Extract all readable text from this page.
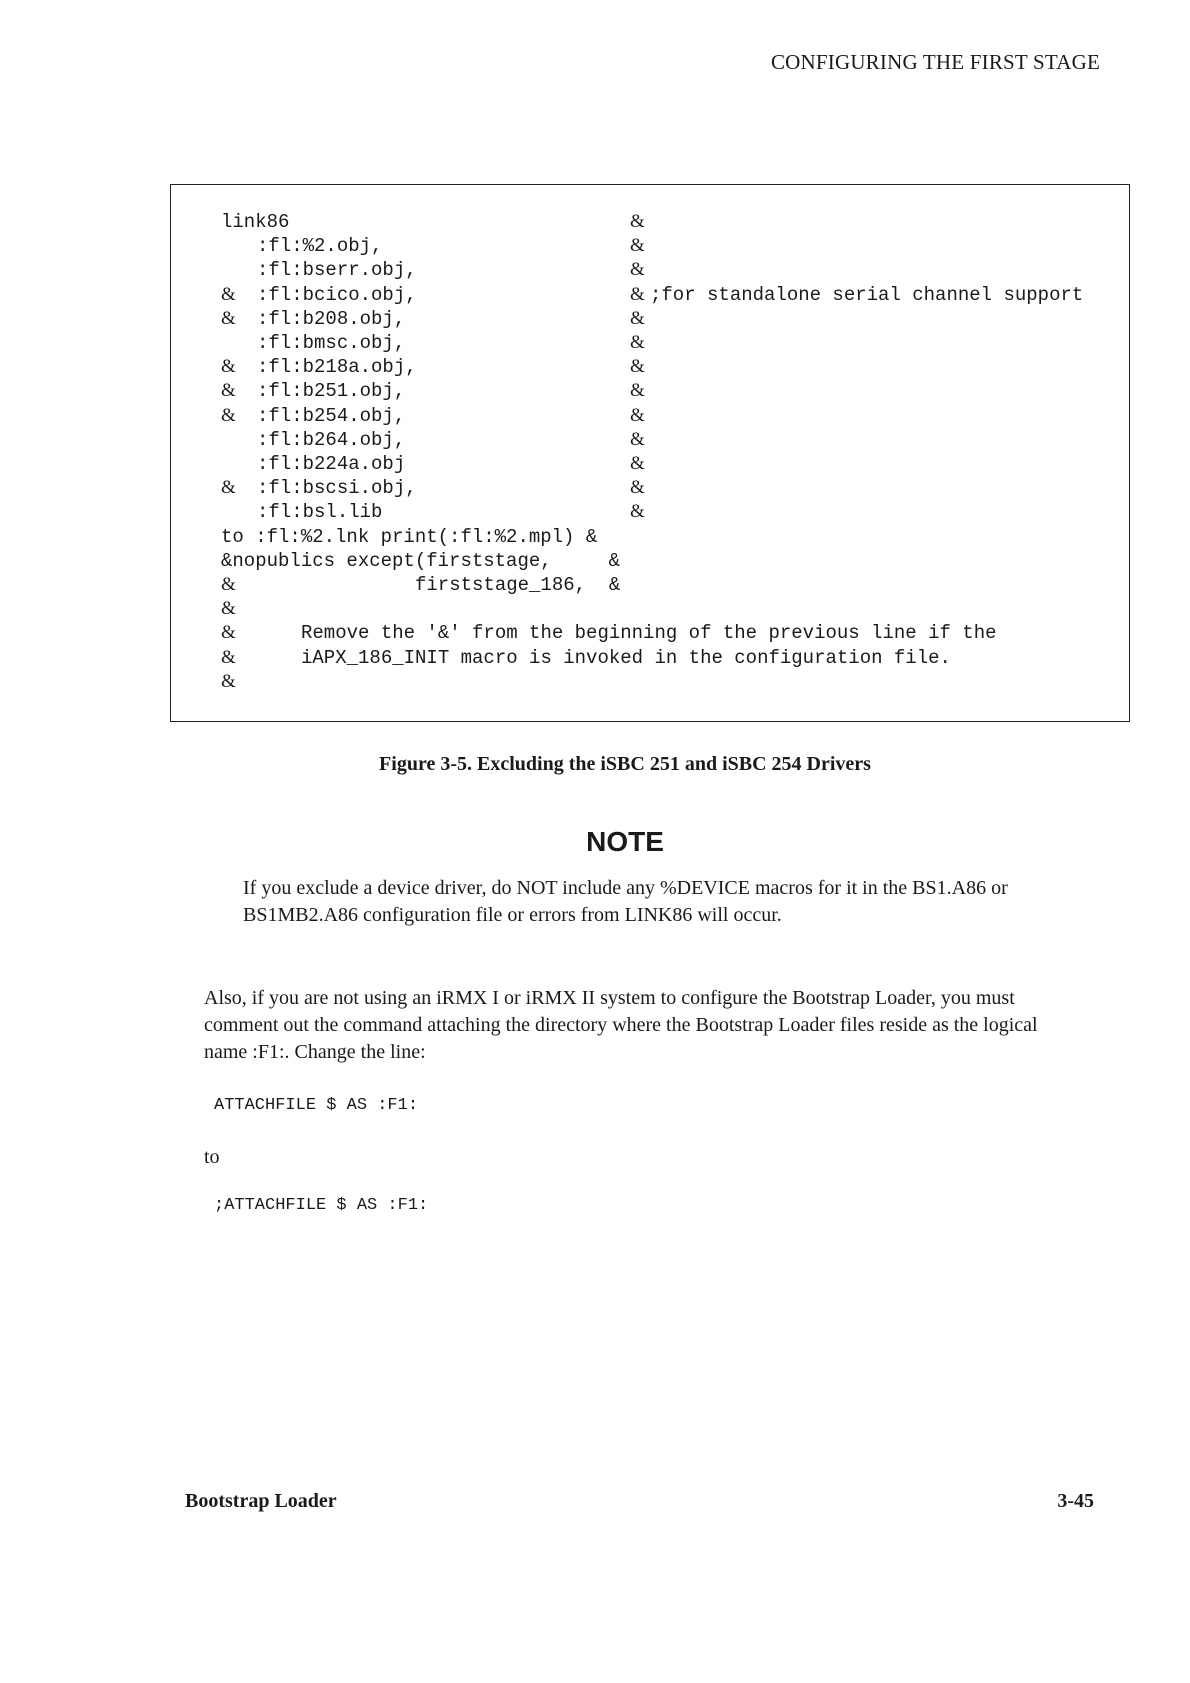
CONFIGURING THE FIRST STAGE
link86	&
:fl:%2.obj,	&
:fl:bserr.obj,	&
& :fl:bcico.obj,	& ;for standalone serial channel support
& :fl:b208.obj,	&
:fl:bmsc.obj,	&
& :fl:b218a.obj,	&
& :fl:b251.obj,	&
& :fl:b254.obj,	&
:fl:b264.obj,	&
:fl:b224a.obj	&
& :fl:bscsi.obj,	&
:fl:bsl.lib	&
to :fl:%2.lnk print(:fl:%2.mpl) &
&nopublics except(firststage,     &
&	firststage_186,  &
&
&	Remove the '&' from the beginning of the previous line if the
&	iAPX_186_INIT macro is invoked in the configuration file.
&
Figure 3-5. Excluding the iSBC 251 and iSBC 254 Drivers
NOTE
If you exclude a device driver, do NOT include any %DEVICE macros for it in the BS1.A86 or BS1MB2.A86 configuration file or errors from LINK86 will occur.
Also, if you are not using an iRMX I or iRMX II system to configure the Bootstrap Loader, you must comment out the command attaching the directory where the Bootstrap Loader files reside as the logical name :F1:. Change the line:
ATTACHFILE $ AS :F1:
to
;ATTACHFILE $ AS :F1:
Bootstrap Loader	3-45
